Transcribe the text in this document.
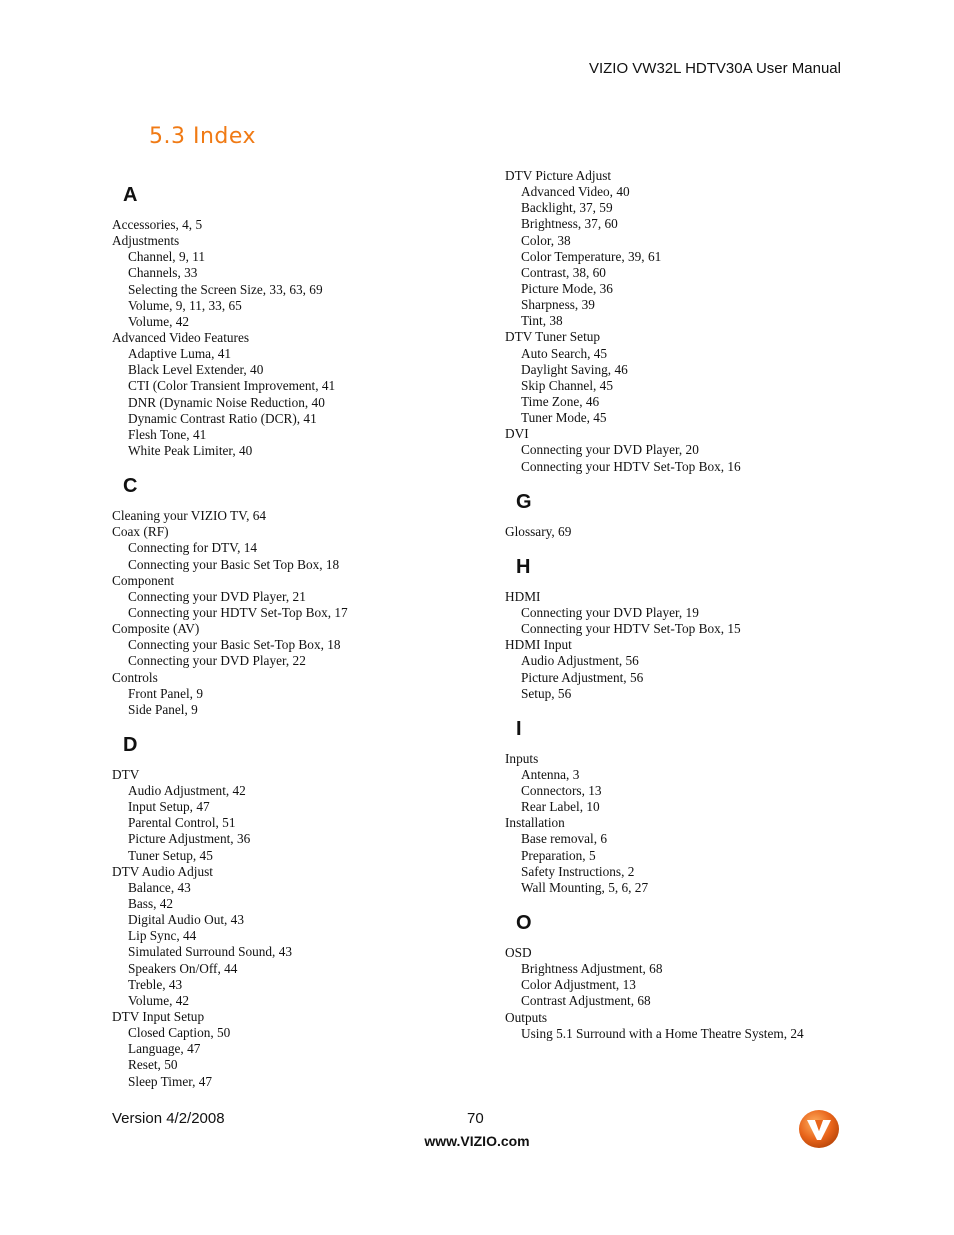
VIZIO VW32L HDTV30A User Manual
5.3 Index
A
Accessories, 4, 5
Adjustments
Channel, 9, 11
Channels, 33
Selecting the Screen Size, 33, 63, 69
Volume, 9, 11, 33, 65
Volume, 42
Advanced Video Features
Adaptive Luma, 41
Black Level Extender, 40
CTI (Color Transient Improvement, 41
DNR (Dynamic Noise Reduction, 40
Dynamic Contrast Ratio (DCR), 41
Flesh Tone, 41
White Peak Limiter, 40
C
Cleaning your VIZIO TV, 64
Coax (RF)
Connecting for DTV, 14
Connecting your Basic Set Top Box, 18
Component
Connecting your DVD Player, 21
Connecting your HDTV Set-Top Box, 17
Composite (AV)
Connecting your Basic Set-Top Box, 18
Connecting your DVD Player, 22
Controls
Front Panel, 9
Side Panel, 9
D
DTV
Audio Adjustment, 42
Input Setup, 47
Parental Control, 51
Picture Adjustment, 36
Tuner Setup, 45
DTV Audio Adjust
Balance, 43
Bass, 42
Digital Audio Out, 43
Lip Sync, 44
Simulated Surround Sound, 43
Speakers On/Off, 44
Treble, 43
Volume, 42
DTV Input Setup
Closed Caption, 50
Language, 47
Reset, 50
Sleep Timer, 47
DTV Picture Adjust
Advanced Video, 40
Backlight, 37, 59
Brightness, 37, 60
Color, 38
Color Temperature, 39, 61
Contrast, 38, 60
Picture Mode, 36
Sharpness, 39
Tint, 38
DTV Tuner Setup
Auto Search, 45
Daylight Saving, 46
Skip Channel, 45
Time Zone, 46
Tuner Mode, 45
DVI
Connecting your DVD Player, 20
Connecting your HDTV Set-Top Box, 16
G
Glossary, 69
H
HDMI
Connecting your DVD Player, 19
Connecting your HDTV Set-Top Box, 15
HDMI Input
Audio Adjustment, 56
Picture Adjustment, 56
Setup, 56
I
Inputs
Antenna, 3
Connectors, 13
Rear Label, 10
Installation
Base removal, 6
Preparation, 5
Safety Instructions, 2
Wall Mounting, 5, 6, 27
O
OSD
Brightness Adjustment, 68
Color Adjustment, 13
Contrast Adjustment, 68
Outputs
Using 5.1 Surround with a Home Theatre System, 24
Version 4/2/2008	70
www.VIZIO.com
